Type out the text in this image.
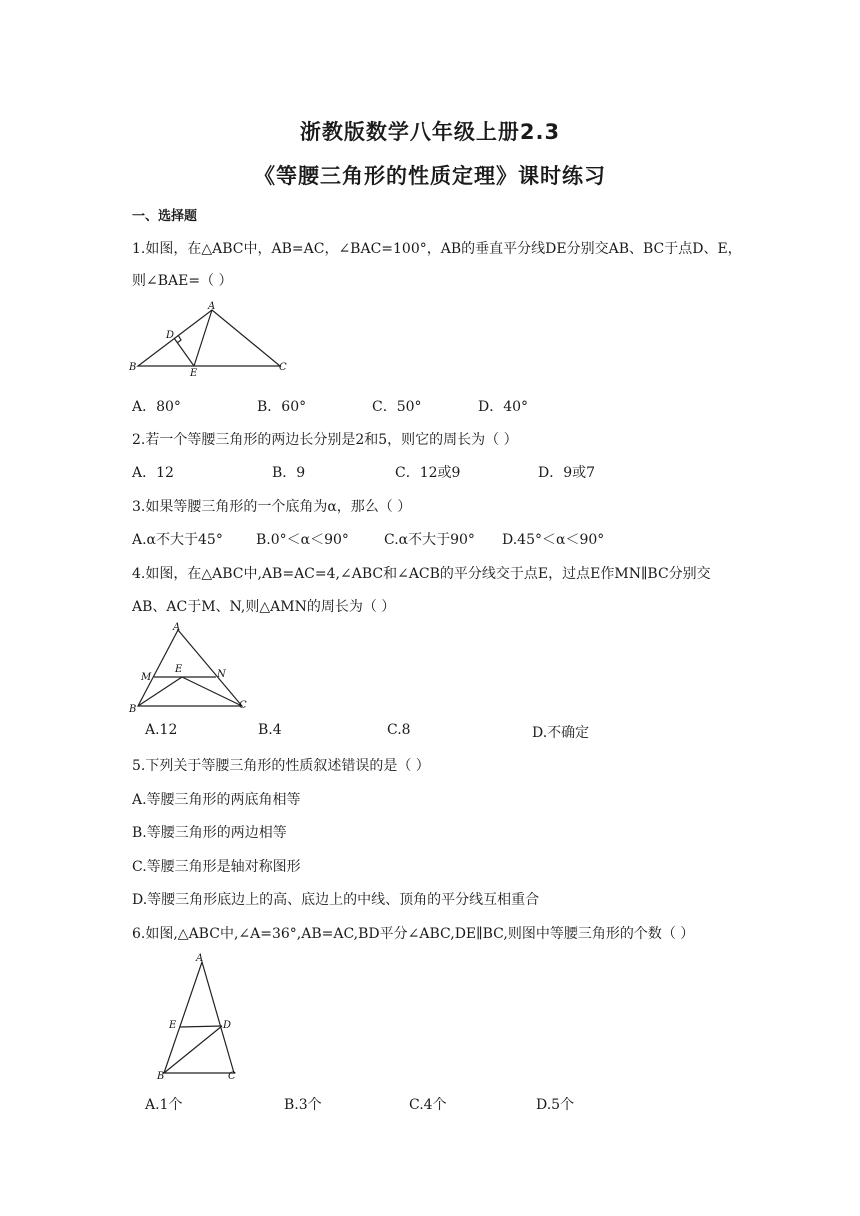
浙教版数学八年级上册2.3
《等腰三角形的性质定理》课时练习
一、选择题
1.如图，在△ABC中，AB=AC，∠BAC=100°，AB的垂直平分线DE分别交AB、BC于点D、E，
则∠BAE=（ ）
A
B	C
D
E
A．80°	B．60°	C．50°	D．40°
2.若一个等腰三角形的两边长分别是2和5，则它的周长为（ ）
A．12	B．9	C．12或9	D．9或7
3.如果等腰三角形的一个底角为α，那么（ ）
A.α不大于45° B.0°＜α＜90°	C.α不大于90° D.45°＜α＜90°
4.如图，在△ABC中,AB=AC=4,∠ABC和∠ACB的平分线交于点E，过点E作MN∥BC分别交
AB、AC于M、N,则△AMN的周长为（ ）
A
B	C
M	N
E
A.12	B.4	C.8	D.不确定
5.下列关于等腰三角形的性质叙述错误的是（ ）
A.等腰三角形的两底角相等
B.等腰三角形的两边相等
C.等腰三角形是轴对称图形
D.等腰三角形底边上的高、底边上的中线、顶角的平分线互相重合
6.如图,△ABC中,∠A=36°,AB=AC,BD平分∠ABC,DE∥BC,则图中等腰三角形的个数（ ）
A
B	C
D
E
A.1个	B.3个	C.4个	D.5个
